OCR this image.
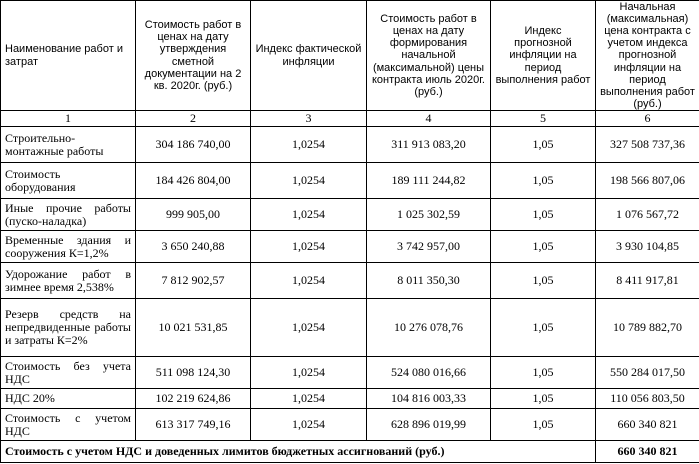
Наименование работ и затрат	Стоимость работ в ценах на дату утверждения сметной документации на 2 кв. 2020г. (руб.)	Индекс фактической инфляции	Стоимость работ в ценах на дату формирования начальной (максимальной) цены контракта июль 2020г. (руб.)	Индекс прогнозной инфляции на период выполнения работ	Начальная (максимальная) цена контракта с учетом индекса прогнозной инфляции на период выполнения работ (руб.)
1	2	3	4	5	6
Строительно-монтажные работы	304 186 740,00	1,0254	311 913 083,20	1,05	327 508 737,36
Стоимость оборудования	184 426 804,00	1,0254	189 111 244,82	1,05	198 566 807,06
Иные прочие работы (пуско-наладка)	999 905,00	1,0254	1 025 302,59	1,05	1 076 567,72
Временные здания и сооружения К=1,2%	3 650 240,88	1,0254	3 742 957,00	1,05	3 930 104,85
Удорожание работ в зимнее время 2,538%	7 812 902,57	1,0254	8 011 350,30	1,05	8 411 917,81
Резерв средств на непредвиденные работы и затраты К=2%	10 021 531,85	1,0254	10 276 078,76	1,05	10 789 882,70
Стоимость без учета НДС	511 098 124,30	1,0254	524 080 016,66	1,05	550 284 017,50
НДС 20%	102 219 624,86	1,0254	104 816 003,33	1,05	110 056 803,50
Стоимость с учетом НДС	613 317 749,16	1,0254	628 896 019,99	1,05	660 340 821
Стоимость с учетом НДС и доведенных лимитов бюджетных ассигнований (руб.)					660 340 821
